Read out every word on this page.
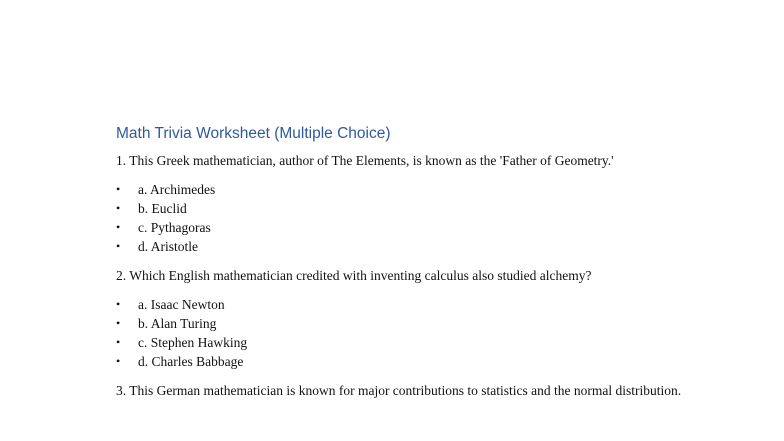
Math Trivia Worksheet (Multiple Choice)

1. This Greek mathematician, author of The Elements, is known as the 'Father of Geometry.'

• a. Archimedes
• b. Euclid
• c. Pythagoras
• d. Aristotle

2. Which English mathematician credited with inventing calculus also studied alchemy?

• a. Isaac Newton
• b. Alan Turing
• c. Stephen Hawking
• d. Charles Babbage

3. This German mathematician is known for major contributions to statistics and the normal distribution.
